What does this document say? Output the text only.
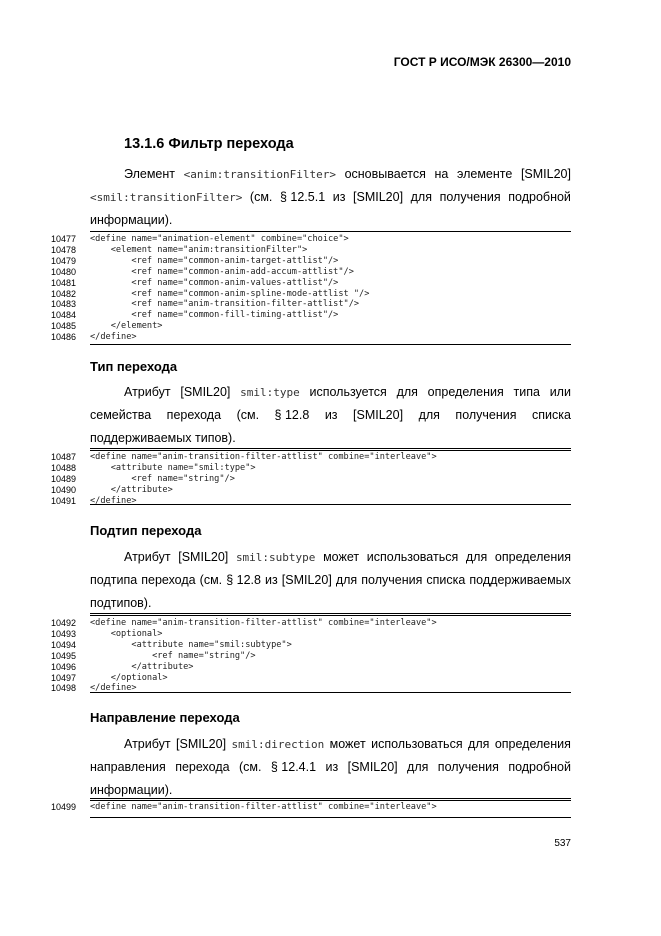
ГОСТ Р ИСО/МЭК 26300—2010
13.1.6 Фильтр перехода
Элемент <anim:transitionFilter> основывается на элементе [SMIL20]
<smil:transitionFilter> (см. § 12.5.1 из [SMIL20] для получения подробной
информации).
10477 <define name="animation-element" combine="choice">
10478 <element name="anim:transitionFilter">
10479 <ref name="common-anim-target-attlist"/>
10480 <ref name="common-anim-add-accum-attlist"/>
10481 <ref name="common-anim-values-attlist"/>
10482 <ref name="common-anim-spline-mode-attlist "/>
10483 <ref name="anim-transition-filter-attlist"/>
10484 <ref name="common-fill-timing-attlist"/>
10485 </element>
10486 </define>
Тип перехода
Атрибут [SMIL20] smil:type используется для определения типа или
семейства перехода (см. § 12.8 из [SMIL20] для получения списка
поддерживаемых типов).
10487 <define name="anim-transition-filter-attlist" combine="interleave">
10488 <attribute name="smil:type">
10489 <ref name="string"/>
10490 </attribute>
10491 </define>
Подтип перехода
Атрибут [SMIL20] smil:subtype может использоваться для определения
подтипа перехода (см. § 12.8 из [SMIL20] для получения списка поддерживаемых
подтипов).
10492 <define name="anim-transition-filter-attlist" combine="interleave">
10493 <optional>
10494 <attribute name="smil:subtype">
10495 <ref name="string"/>
10496 </attribute>
10497 </optional>
10498 </define>
Направление перехода
Атрибут [SMIL20] smil:direction может использоваться для определения
направления перехода (см. § 12.4.1 из [SMIL20] для получения подробной
информации).
10499 <define name="anim-transition-filter-attlist" combine="interleave">
537
